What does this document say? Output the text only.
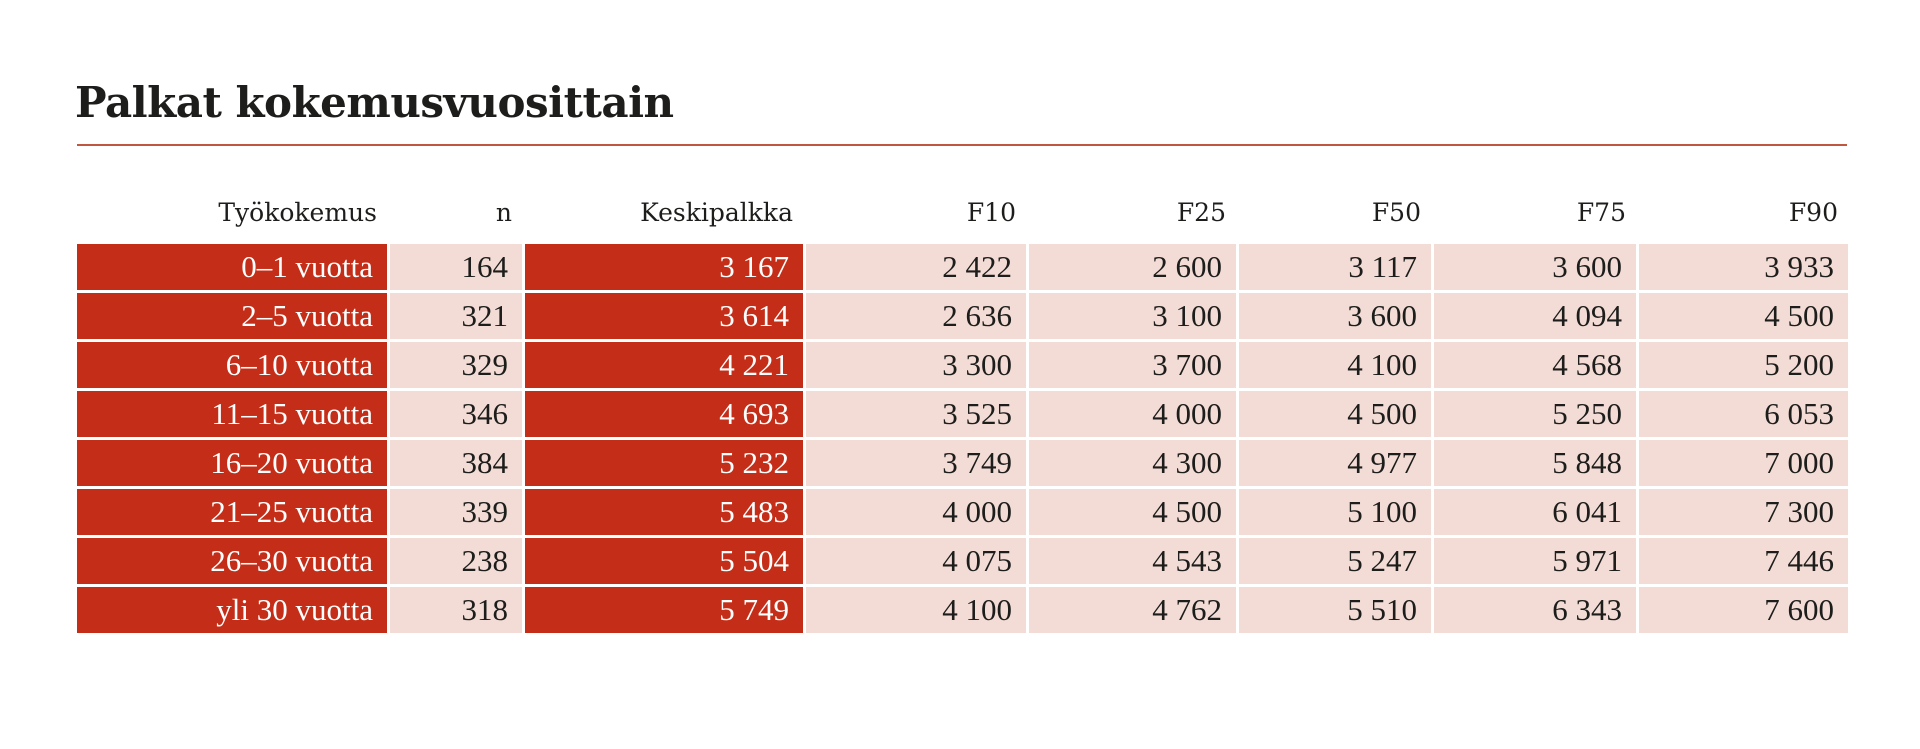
Palkat kokemusvuosittain
Työkokemus	n	Keskipalkka	F10	F25	F50	F75	F90
0–1 vuotta	164	3 167	2 422	2 600	3 117	3 600	3 933
2–5 vuotta	321	3 614	2 636	3 100	3 600	4 094	4 500
6–10 vuotta	329	4 221	3 300	3 700	4 100	4 568	5 200
11–15 vuotta	346	4 693	3 525	4 000	4 500	5 250	6 053
16–20 vuotta	384	5 232	3 749	4 300	4 977	5 848	7 000
21–25 vuotta	339	5 483	4 000	4 500	5 100	6 041	7 300
26–30 vuotta	238	5 504	4 075	4 543	5 247	5 971	7 446
yli 30 vuotta	318	5 749	4 100	4 762	5 510	6 343	7 600
